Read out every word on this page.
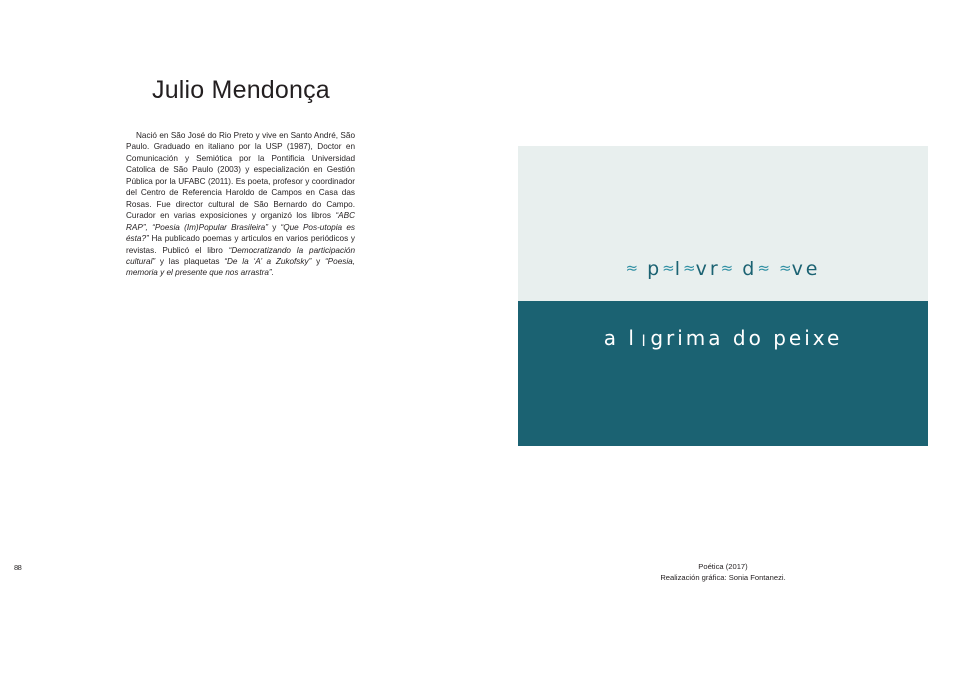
Julio Mendonça
Nació en São José do Rio Preto y vive en Santo André, São Paulo. Graduado en italiano por la USP (1987), Doctor en Comunicación y Semiótica por la Pontificia Universidad Catolica de São Paulo (2003) y especialización en Gestión Pública por la UFABC (2011). Es poeta, profesor y coordinador del Centro de Referencia Haroldo de Campos en Casa das Rosas. Fue director cultural de São Bernardo do Campo. Curador en varias exposiciones y organizó los libros “ABC RAP”, “Poesia (Im)Popular Brasileira” y “Que Pos-utopia es ésta?” Ha publicado poemas y articulos en varios periódicos y revistas. Publicó el libro “Democratizando la participación cultural” y las plaquetas “De la ‘A’ a Zukofsky” y “Poesia, memoria y el presente que nos arrastra”.	≈ p≈l≈vr≈ d≈ ≈ve
a l⏽grima do peixe
Poética (2017)
Realización gráfica: Sonia Fontanezi.
88
